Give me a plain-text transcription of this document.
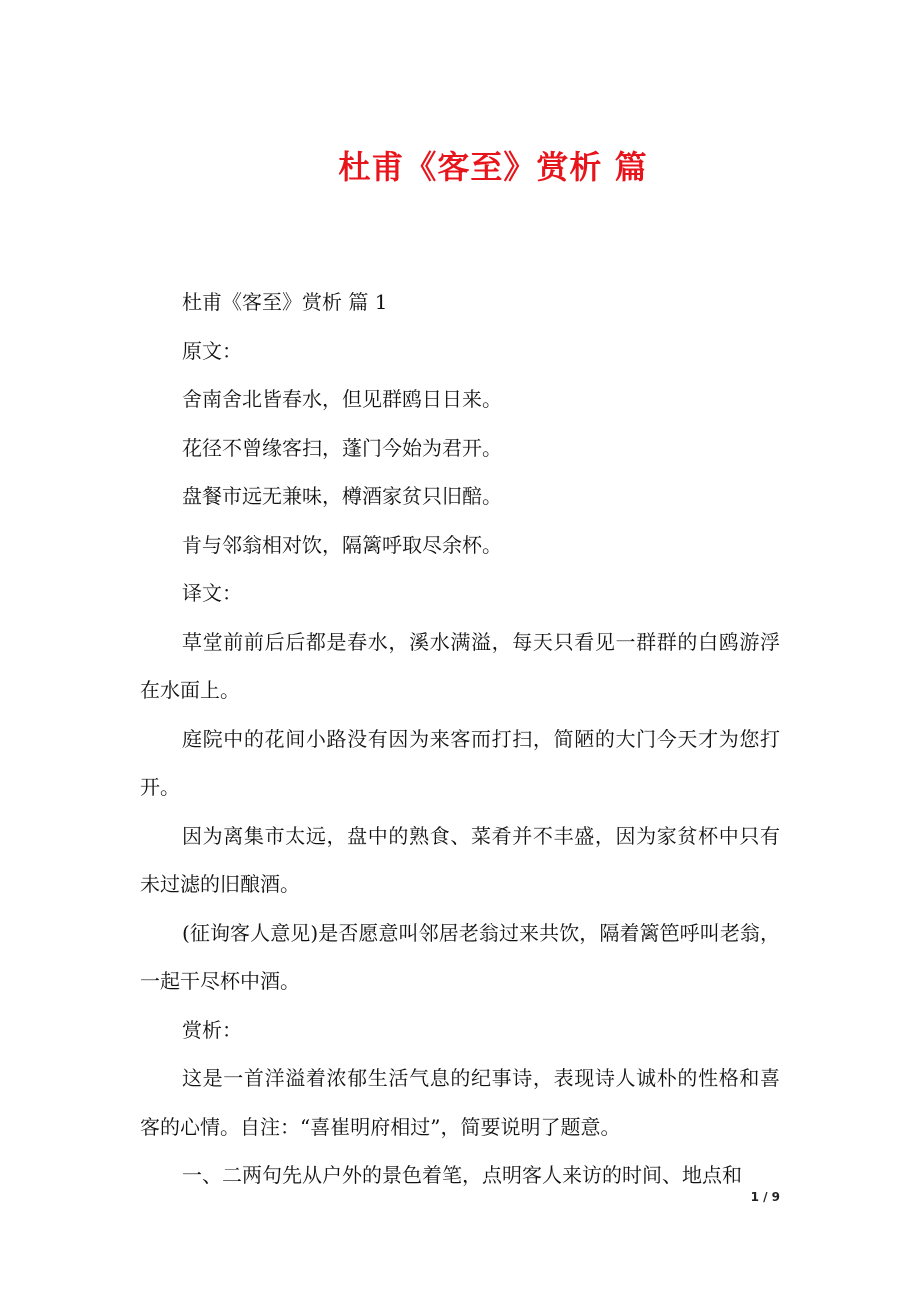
杜甫《客至》赏析 篇

杜甫《客至》赏析 篇 1

原文：

舍南舍北皆春水，但见群鸥日日来。

花径不曾缘客扫，蓬门今始为君开。

盘餐市远无兼味，樽酒家贫只旧醅。

肯与邻翁相对饮，隔篱呼取尽余杯。

译文：

草堂前前后后都是春水，溪水满溢，每天只看见一群群的白鸥游浮在水面上。

庭院中的花间小路没有因为来客而打扫，简陋的大门今天才为您打开。

因为离集市太远，盘中的熟食、菜肴并不丰盛，因为家贫杯中只有未过滤的旧酿酒。

(征询客人意见)是否愿意叫邻居老翁过来共饮，隔着篱笆呼叫老翁，一起干尽杯中酒。

赏析：

这是一首洋溢着浓郁生活气息的纪事诗，表现诗人诚朴的性格和喜客的心情。自注：“喜崔明府相过”，简要说明了题意。

一、二两句先从户外的景色着笔，点明客人来访的时间、地点和

1 / 9
